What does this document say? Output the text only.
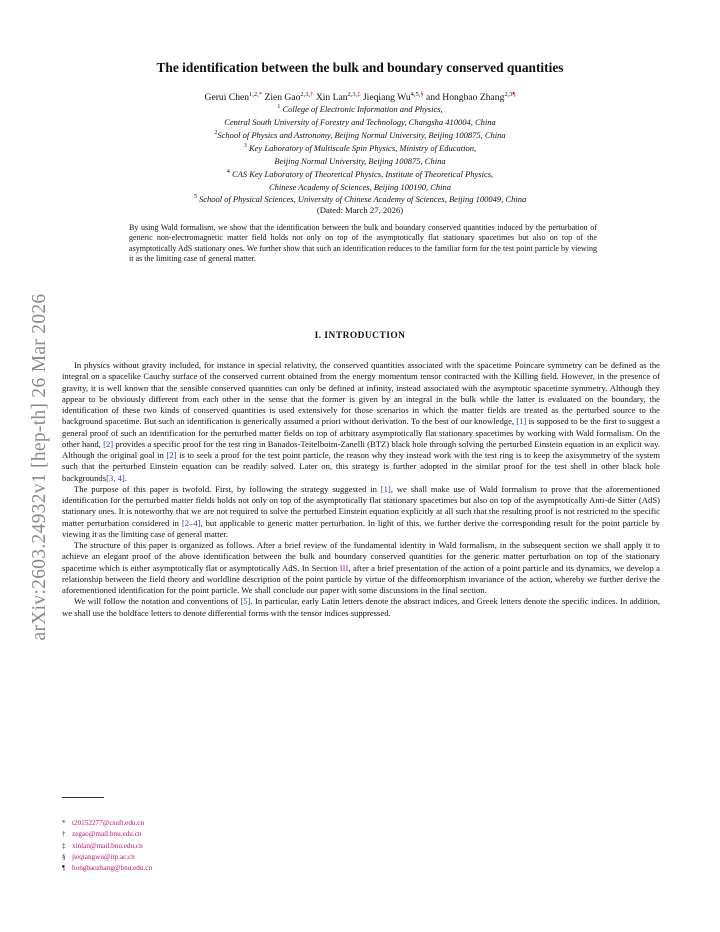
arXiv:2603.24932v1 [hep-th] 26 Mar 2026
The identification between the bulk and boundary conserved quantities
Gerui Chen$^{1,2,*}$ Zien Gao$^{2,3,\dagger}$ Xin Lan$^{2,3,\ddagger}$ Jieqiang $Wu^{4,5,\S}$ and Hongbao Zhang$^{2,3\P}$
$^1$ College of Electronic Information and Physics,
Central South University of Forestry and Technology, Changsha 410004, China
$^2$School of Physics and Astronomy, Beijing Normal University, Beijing 100875, China
$^3$ Key Laboratory of Multiscale Spin Physics, Ministry of Education,
Beijing Normal University, Beijing 100875, China
$^4$ CAS Key Laboratory of Theoretical Physics, Institute of Theoretical Physics,
Chinese Academy of Sciences, Beijing 100190, China
$^5$ School of Physical Sciences, University of Chinese Academy of Sciences, Beijing 100049, China
(Dated: March 27, 2026)
By using Wald formalism, we show that the identification between the bulk and boundary conserved quantities induced by the perturbation of generic non-electromagnetic matter field holds not only on top of the asymptotically flat stationary spacetimes but also on top of the asymptotically AdS stationary ones. We further show that such an identification reduces to the familiar form for the test point particle by viewing it as the limiting case of general matter.
I. INTRODUCTION

In physics without gravity included, for instance in special relativity, the conserved quantities associated with the spacetime Poincare symmetry can be defined as the integral on a spacelike Cauchy surface of the conserved current obtained from the energy momentum tensor contracted with the Killing field. However, in the presence of gravity, it is well known that the sensible conserved quantities can only be defined at infinity, instead associated with the asymptotic spacetime symmetry. Although they appear to be obviously different from each other in the sense that the former is given by an integral in the bulk while the latter is evaluated on the boundary, the identification of these two kinds of conserved quantities is used extensively for those scenarios in which the matter fields are treated as the perturbed source to the background spacetime. But such an identification is generically assumed a priori without derivation. To the best of our knowledge, [1] is supposed to be the first to suggest a general proof of such an identification for the perturbed matter fields on top of arbitrary asymptotically flat stationary spacetimes by working with Wald formalism. On the other hand, [2] provides a specific proof for the test ring in Banados-Teitelboim-Zanelli (BTZ) black hole through solving the perturbed Einstein equation in an explicit way. Although the original goal in [2] is to seek a proof for the test point particle, the reason why they instead work with the test ring is to keep the axisymmetry of the system such that the perturbed Einstein equation can be readily solved. Later on, this strategy is further adopted in the similar proof for the test shell in other black hole backgrounds[3, 4].

The purpose of this paper is twofold. First, by following the strategy suggested in [1], we shall make use of Wald formalism to prove that the aforementioned identification for the perturbed matter fields holds not only on top of the asymptotically flat stationary spacetimes but also on top of the asymptotically Anti-de Sitter (AdS) stationary ones. It is noteworthy that we are not required to solve the perturbed Einstein equation explicitly at all such that the resulting proof is not restricted to the specific matter perturbation considered in [2–4], but applicable to generic matter perturbation. In light of this, we further derive the corresponding result for the point particle by viewing it as the limiting case of general matter.

The structure of this paper is organized as follows. After a brief review of the fundamental identity in Wald formalism, in the subsequent section we shall apply it to achieve an elegant proof of the above identification between the bulk and boundary conserved quantities for the generic matter perturbation on top of the stationary spacetime which is either asymptotically flat or asymptotically AdS. In Section III, after a brief presentation of the action of a point particle and its dynamics, we develop a relationship between the field theory and worldline description of the point particle by virtue of the diffeomorphism invariance of the action, whereby we further derive the aforementioned identification for the point particle. We shall conclude our paper with some discussions in the final section.

We will follow the notation and conventions of [5]. In particular, early Latin letters denote the abstract indices, and Greek letters denote the specific indices. In addition, we shall use the boldface letters to denote differential forms with the tensor indices suppressed.

* t20152277@csuft.edu.cn
† zegao@mail.bnu.edu.cn
‡ xinlan@mail.bnu.edu.cn
§ jieqiangwu@itp.ac.cn
¶ hongbaozhang@bnu.edu.cn
